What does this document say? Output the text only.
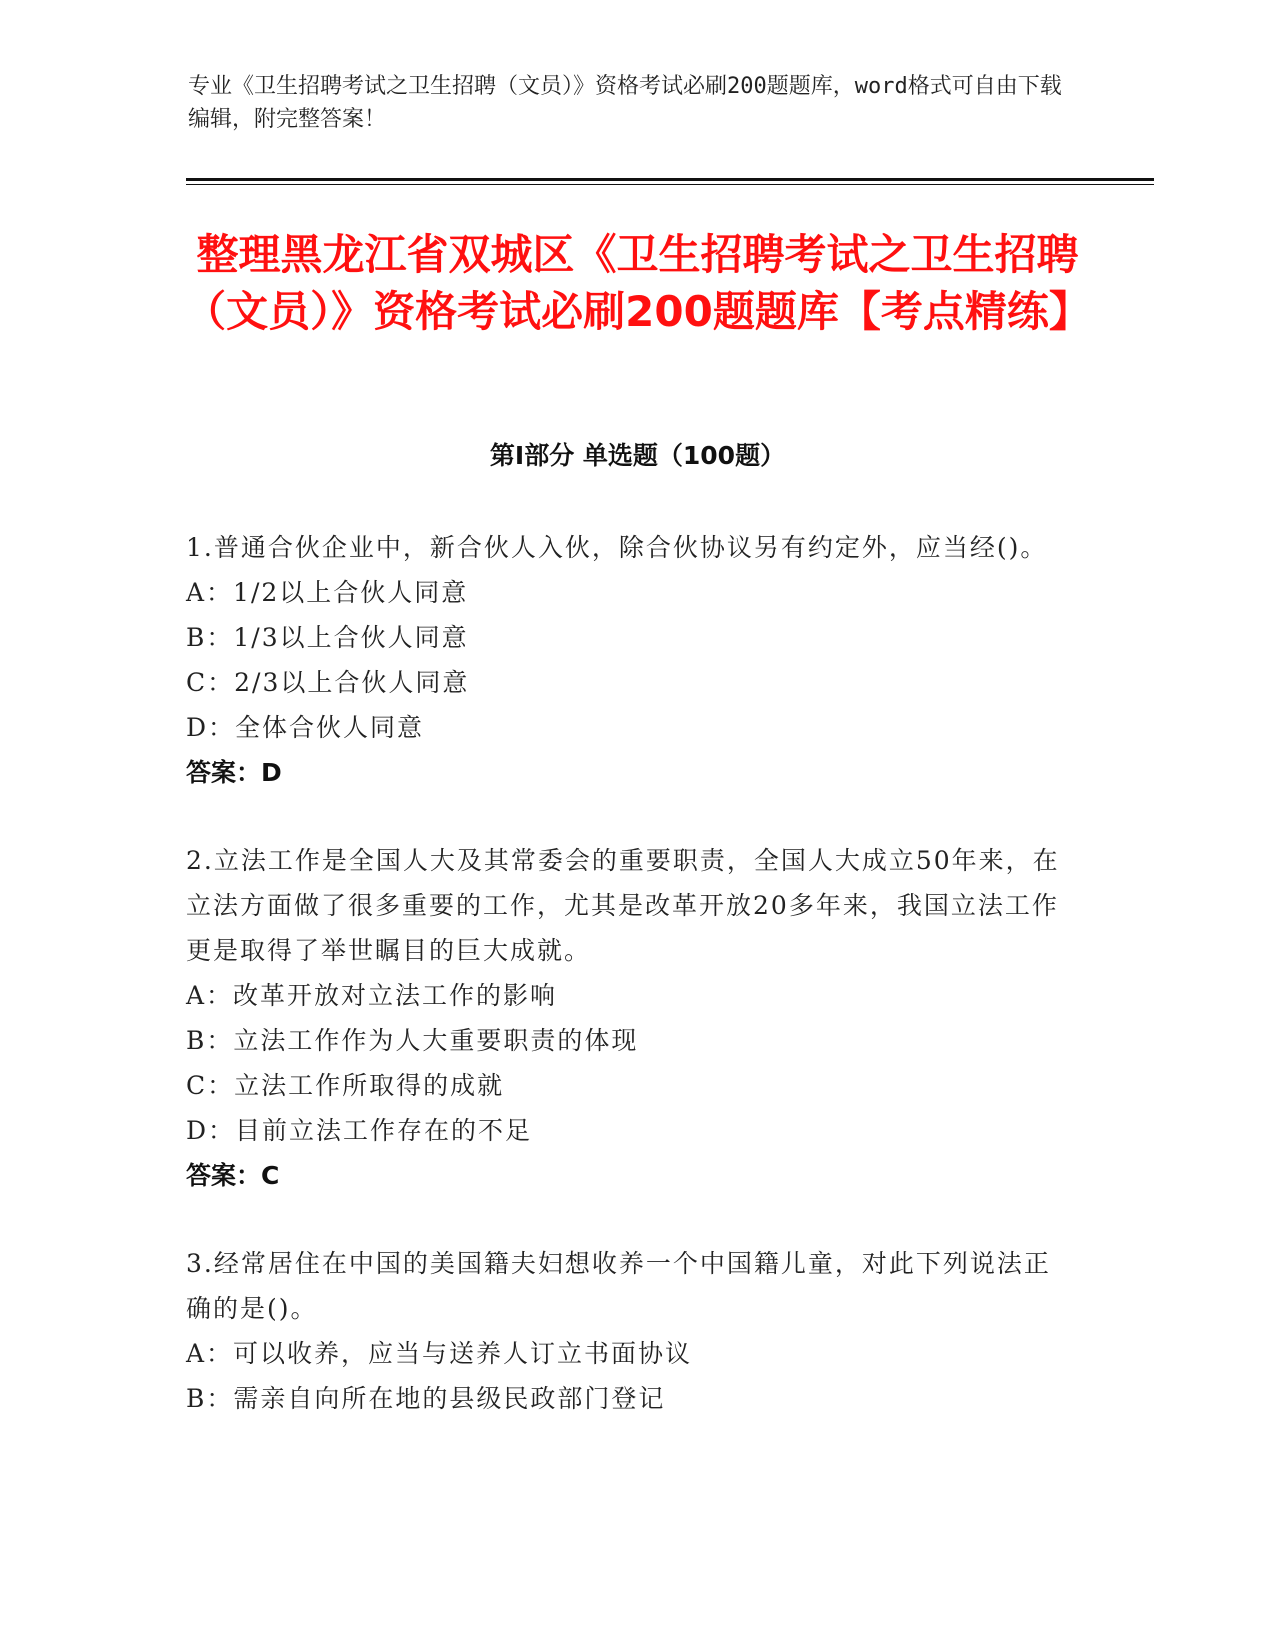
专业《卫生招聘考试之卫生招聘（文员）》资格考试必刷200题题库，word格式可自由下载编辑，附完整答案！
整理黑龙江省双城区《卫生招聘考试之卫生招聘（文员）》资格考试必刷200题题库【考点精练】
第Ⅰ部分 单选题（100题）
1.普通合伙企业中，新合伙人入伙，除合伙协议另有约定外，应当经()。
A：1/2以上合伙人同意
B：1/3以上合伙人同意
C：2/3以上合伙人同意
D：全体合伙人同意
答案：D
2.立法工作是全国人大及其常委会的重要职责，全国人大成立50年来，在立法方面做了很多重要的工作，尤其是改革开放20多年来，我国立法工作更是取得了举世瞩目的巨大成就。
A：改革开放对立法工作的影响
B：立法工作作为人大重要职责的体现
C：立法工作所取得的成就
D：目前立法工作存在的不足
答案：C
3.经常居住在中国的美国籍夫妇想收养一个中国籍儿童，对此下列说法正确的是()。
A：可以收养，应当与送养人订立书面协议
B：需亲自向所在地的县级民政部门登记
